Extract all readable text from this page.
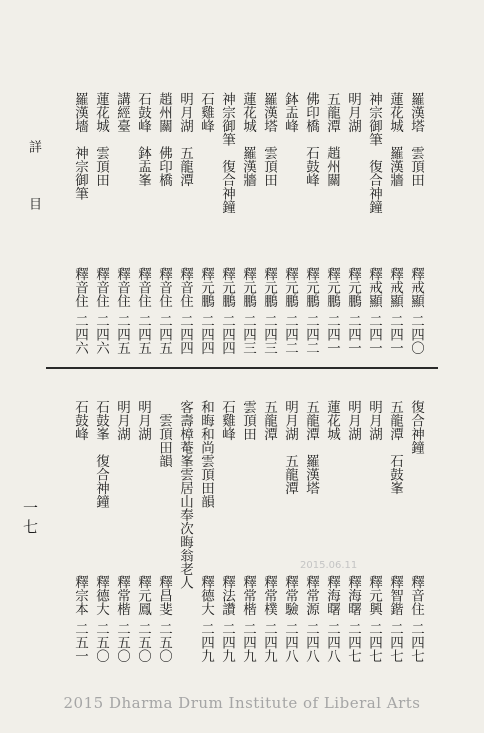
詳 目
一七
羅漢塔　雲頂田
釋戒顯
二四〇
蓮花城　羅漢牆
釋戒顯
二四一
神宗御筆　復合神鐘
釋戒顯
二四一
明月湖
釋元鵬
二四一
五龍潭　趙州關
釋元鵬
二四一
佛印橋　石鼓峰
釋元鵬
二四二
鉢盂峰
釋元鵬
二四二
羅漢塔　雲頂田
釋元鵬
二四三
蓮花城　羅漢牆
釋元鵬
二四三
神宗御筆　復合神鐘
釋元鵬
二四四
石雞峰
釋元鵬
二四四
明月湖　五龍潭
釋音住
二四四
趙州關　佛印橋
釋音住
二四五
石鼓峰　鉢盂峯
釋音住
二四五
講經臺
釋音住
二四五
蓮花城　雲頂田
釋音住
二四六
羅漢墻　神宗御筆
釋音住
二四六
復合神鐘
釋音住
二四七
五龍潭　石鼓峯
釋智鍇
二四七
明月湖
釋元興
二四七
明月湖
釋海曙
二四七
蓮花城
釋海曙
二四八
五龍潭　羅漢塔
釋常源
二四八
明月湖　五龍潭
釋常驗
二四八
五龍潭
釋常樸
二四九
雲頂田
釋常楷
二四九
石雞峰
釋法讚
二四九
和晦和尚雲頂田韻
釋德大
二四九
客壽樟菴峯雲居山奉次晦翁老人
　雲頂田韻
釋昌斐
二五〇
明月湖
釋元鳳
二五〇
明月湖
釋常楷
二五〇
石鼓峯　復合神鐘
釋德大
二五〇
石鼓峰
釋宗本
二五一
2015.06.11
2015 Dharma Drum Institute of Liberal Arts
